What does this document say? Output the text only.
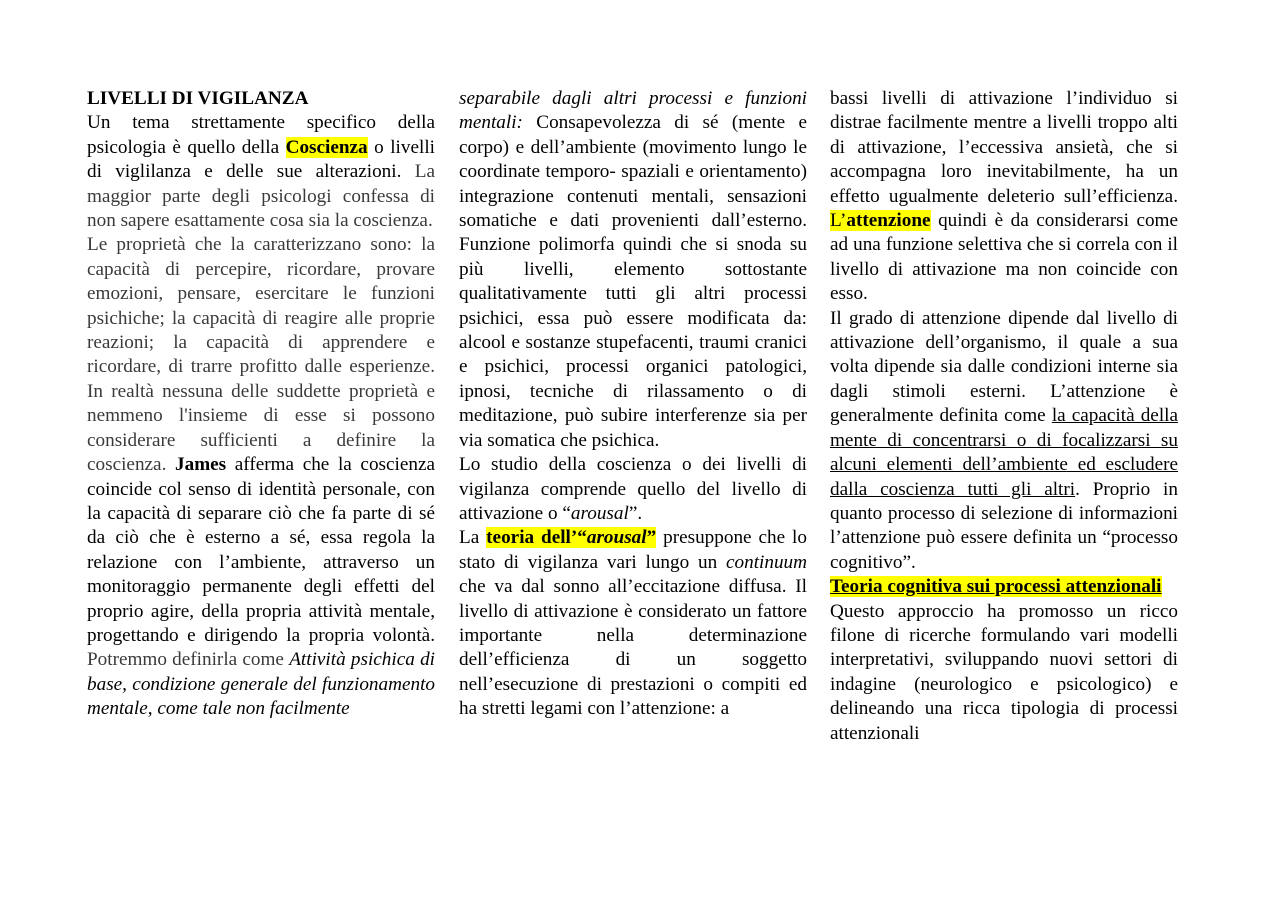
LIVELLI DI VIGILANZA

Un tema strettamente specifico della psicologia è quello della Coscienza o livelli di viglilanza e delle sue alterazioni. La maggior parte degli psicologi confessa di non sapere esattamente cosa sia la coscienza.

Le proprietà che la caratterizzano sono: la capacità di percepire, ricordare, provare emozioni, pensare, esercitare le funzioni psichiche; la capacità di reagire alle proprie reazioni; la capacità di apprendere e ricordare, di trarre profitto dalle esperienze. In realtà nessuna delle suddette proprietà e nemmeno l'insieme di esse si possono considerare sufficienti a definire la coscienza. James afferma che la coscienza coincide col senso di identità personale, con la capacità di separare ciò che fa parte di sé da ciò che è esterno a sé, essa regola la relazione con l’ambiente, attraverso un monitoraggio permanente degli effetti del proprio agire, della propria attività mentale, progettando e dirigendo la propria volontà. Potremmo definirla come Attività psichica di base, condizione generale del funzionamento mentale, come tale non facilmente

separabile dagli altri processi e funzioni mentali: Consapevolezza di sé (mente e corpo) e dell’ambiente (movimento lungo le coordinate temporo- spaziali e orientamento) integrazione contenuti mentali, sensazioni somatiche e dati provenienti dall’esterno. Funzione polimorfa quindi che si snoda su più livelli, elemento sottostante qualitativamente tutti gli altri processi psichici, essa può essere modificata da: alcool e sostanze stupefacenti, traumi cranici e psichici, processi organici patologici, ipnosi, tecniche di rilassamento o di meditazione, può subire interferenze sia per via somatica che psichica.

Lo studio della coscienza o dei livelli di vigilanza comprende quello del livello di attivazione o “arousal”.

La teoria dell’“arousal” presuppone che lo stato di vigilanza vari lungo un continuum che va dal sonno all’eccitazione diffusa. Il livello di attivazione è considerato un fattore importante nella determinazione dell’efficienza di un soggetto nell’esecuzione di prestazioni o compiti ed ha stretti legami con l’attenzione: a

bassi livelli di attivazione l’individuo si distrae facilmente mentre a livelli troppo alti di attivazione, l’eccessiva ansietà, che si accompagna loro inevitabilmente, ha un effetto ugualmente deleterio sull’efficienza. L’attenzione quindi è da considerarsi come ad una funzione selettiva che si correla con il livello di attivazione ma non coincide con esso.

Il grado di attenzione dipende dal livello di attivazione dell’organismo, il quale a sua volta dipende sia dalle condizioni interne sia dagli stimoli esterni. L’attenzione è generalmente definita come la capacità della mente di concentrarsi o di focalizzarsi su alcuni elementi dell’ambiente ed escludere dalla coscienza tutti gli altri. Proprio in quanto processo di selezione di informazioni l’attenzione può essere definita un “processo cognitivo”.

Teoria cognitiva sui processi attenzionali

Questo approccio ha promosso un ricco filone di ricerche formulando vari modelli interpretativi, sviluppando nuovi settori di indagine (neurologico e psicologico) e delineando una ricca tipologia di processi attenzionali
